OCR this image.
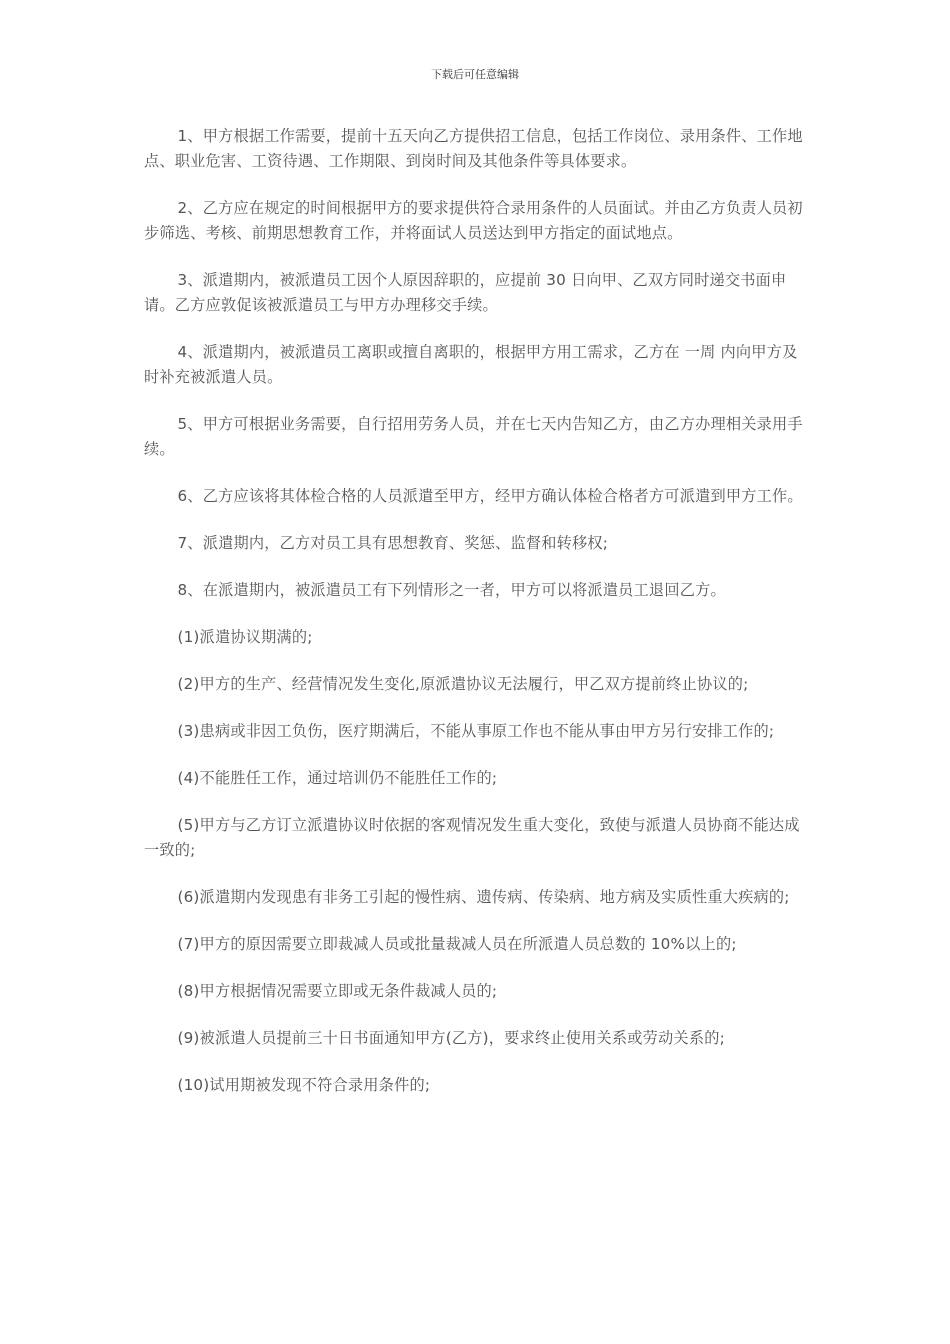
下载后可任意编辑

1、甲方根据工作需要，提前十五天向乙方提供招工信息，包括工作岗位、录用条件、工作地点、职业危害、工资待遇、工作期限、到岗时间及其他条件等具体要求。

2、乙方应在规定的时间根据甲方的要求提供符合录用条件的人员面试。并由乙方负责人员初步筛选、考核、前期思想教育工作，并将面试人员送达到甲方指定的面试地点。

3、派遣期内，被派遣员工因个人原因辞职的，应提前 30 日向甲、乙双方同时递交书面申请。乙方应敦促该被派遣员工与甲方办理移交手续。

4、派遣期内，被派遣员工离职或擅自离职的，根据甲方用工需求，乙方在 一周 内向甲方及时补充被派遣人员。

5、甲方可根据业务需要，自行招用劳务人员，并在七天内告知乙方，由乙方办理相关录用手续。

6、乙方应该将其体检合格的人员派遣至甲方，经甲方确认体检合格者方可派遣到甲方工作。

7、派遣期内，乙方对员工具有思想教育、奖惩、监督和转移权;

8、在派遣期内，被派遣员工有下列情形之一者，甲方可以将派遣员工退回乙方。

(1)派遣协议期满的;

(2)甲方的生产、经营情况发生变化,原派遣协议无法履行，甲乙双方提前终止协议的;

(3)患病或非因工负伤，医疗期满后，不能从事原工作也不能从事由甲方另行安排工作的;

(4)不能胜任工作，通过培训仍不能胜任工作的;

(5)甲方与乙方订立派遣协议时依据的客观情况发生重大变化，致使与派遣人员协商不能达成一致的;

(6)派遣期内发现患有非务工引起的慢性病、遗传病、传染病、地方病及实质性重大疾病的;

(7)甲方的原因需要立即裁减人员或批量裁减人员在所派遣人员总数的 10%以上的;

(8)甲方根据情况需要立即或无条件裁减人员的;

(9)被派遣人员提前三十日书面通知甲方(乙方)，要求终止使用关系或劳动关系的;

(10)试用期被发现不符合录用条件的;
